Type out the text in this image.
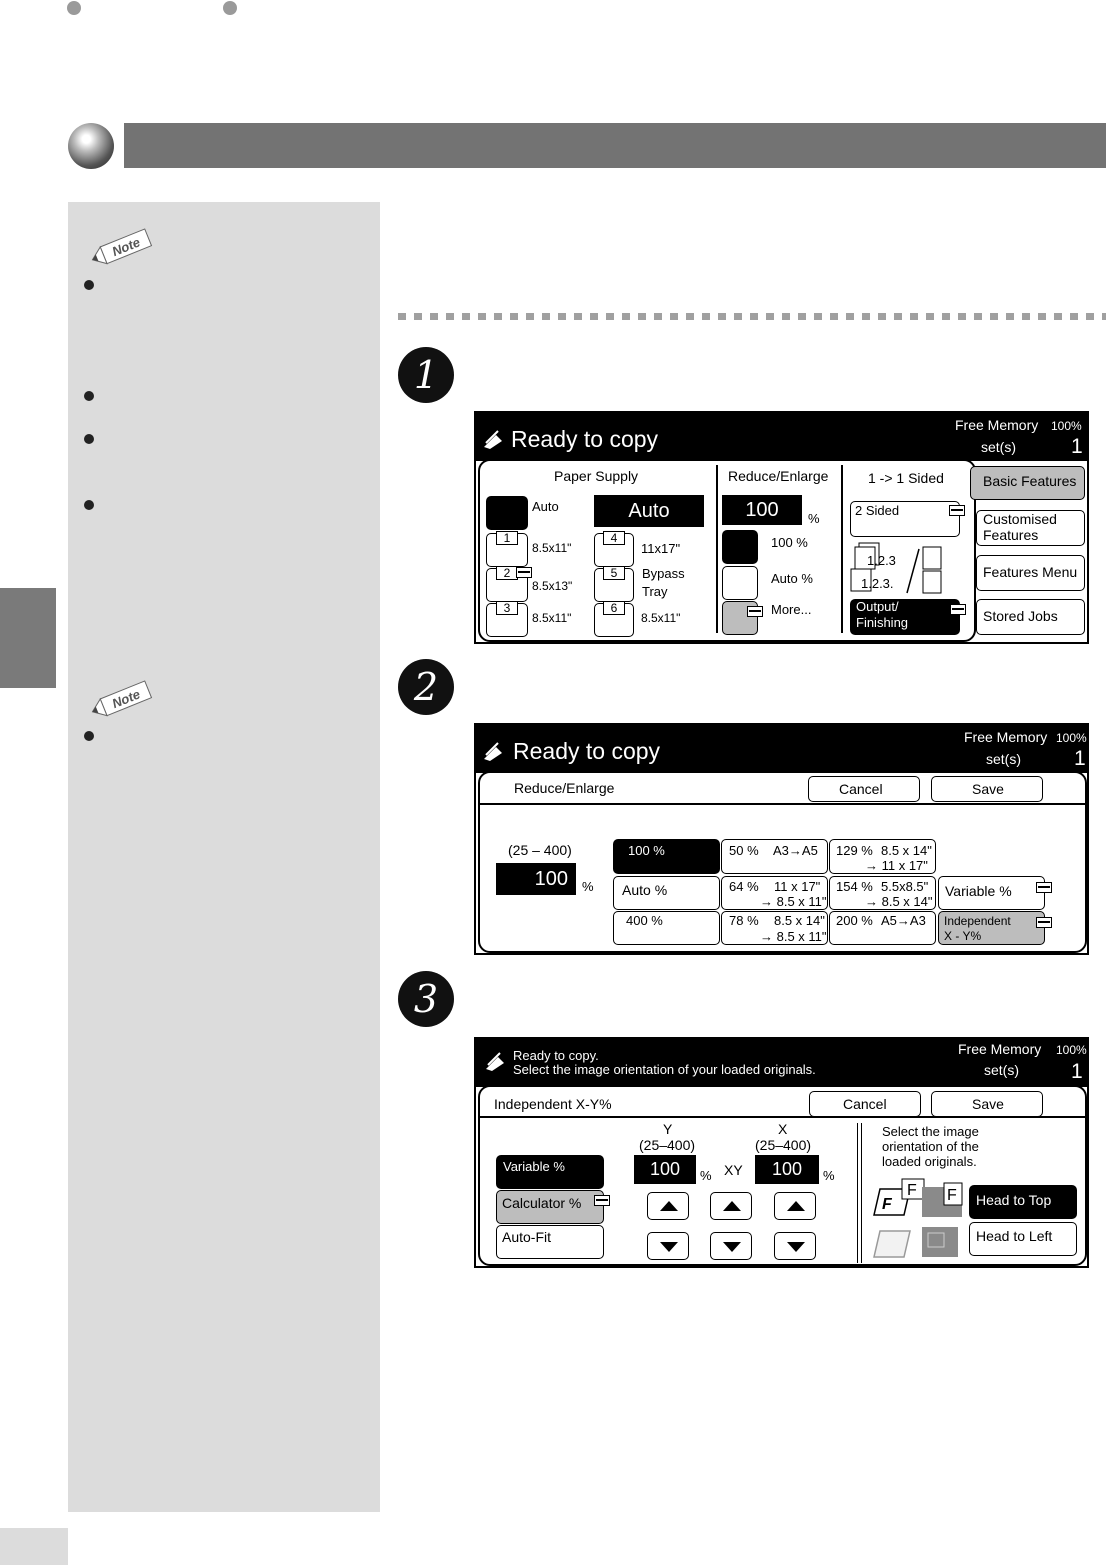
Note
Note
1
2
3
Ready to copy
Free Memory 100%
set(s)	1
Paper Supply
Auto	Auto
1
8.5x11"
2
8.5x13"
3
8.5x11"
4
11x17"
5	Bypass
Tray
6
8.5x11"
Reduce/Enlarge
100	%
100 %
Auto %
More...
1 -> 1 Sided
2 Sided
1.2.3
1.2.3.
Output/
Finishing
Basic Features
Customised
Features
Features Menu
Stored Jobs
Ready to copy
Free Memory 100%
set(s)	1
Reduce/Enlarge	Cancel	Save
(25 – 400)
100	%
100 %
Auto %
400 %
50 % A3→A5
64 % 11 x 17"
→ 8.5 x 11"
78 % 8.5 x 14"
→ 8.5 x 11"
129 % 8.5 x 14"
→ 11 x 17"
154 % 5.5x8.5"
→ 8.5 x 14"
200 % A5→A3
Variable %
Independent
X - Y%
Ready to copy.
Select the image orientation of your loaded originals.
Free Memory 100%
set(s) 1
Independent X-Y%	Cancel	Save
Variable %
Calculator %
Auto-Fit
Y
(25–400)
100	% XY
X
(25–400)
100	%
Select the image
orientation of the
loaded originals.
F
F F Head to Top
Head to Left
